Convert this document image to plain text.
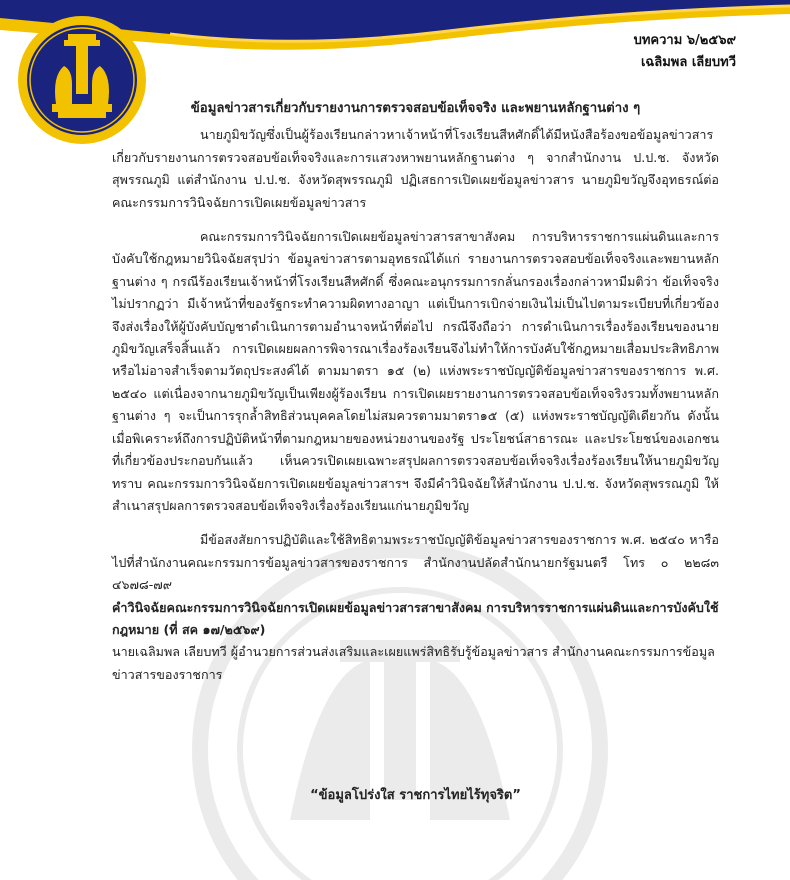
บทความ ๖/๒๕๖๙
เฉลิมพล เลียบทวี

ข้อมูลข่าวสารเกี่ยวกับรายงานการตรวจสอบข้อเท็จจริง และพยานหลักฐานต่าง ๆ

นายภูมิขวัญซึ่งเป็นผู้ร้องเรียนกล่าวหาเจ้าหน้าที่โรงเรียนสีหศักดิ์ได้มีหนังสือร้องขอข้อมูลข่าวสารเกี่ยวกับรายงานการตรวจสอบข้อเท็จจริงและการแสวงหาพยานหลักฐานต่าง ๆ จากสำนักงาน ป.ป.ช. จังหวัดสุพรรณภูมิ แต่สำนักงาน ป.ป.ช. จังหวัดสุพรรณภูมิ ปฏิเสธการเปิดเผยข้อมูลข่าวสาร นายภูมิขวัญจึงอุทธรณ์ต่อคณะกรรมการวินิจฉัยการเปิดเผยข้อมูลข่าวสาร

คณะกรรมการวินิจฉัยการเปิดเผยข้อมูลข่าวสารสาขาสังคม การบริหารราชการแผ่นดินและการบังคับใช้กฎหมายวินิจฉัยสรุปว่า ข้อมูลข่าวสารตามอุทธรณ์ได้แก่ รายงานการตรวจสอบข้อเท็จจริงและพยานหลักฐานต่าง ๆ กรณีร้องเรียนเจ้าหน้าที่โรงเรียนสีหศักดิ์ ซึ่งคณะอนุกรรมการกลั่นกรองเรื่องกล่าวหามีมติว่า ข้อเท็จจริงไม่ปรากฏว่า มีเจ้าหน้าที่ของรัฐกระทำความผิดทางอาญา แต่เป็นการเบิกจ่ายเงินไม่เป็นไปตามระเบียบที่เกี่ยวข้อง จึงส่งเรื่องให้ผู้บังคับบัญชาดำเนินการตามอำนาจหน้าที่ต่อไป กรณีจึงถือว่า การดำเนินการเรื่องร้องเรียนของนายภูมิขวัญเสร็จสิ้นแล้ว การเปิดเผยผลการพิจารณาเรื่องร้องเรียนจึงไม่ทำให้การบังคับใช้กฎหมายเสื่อมประสิทธิภาพหรือไม่อาจสำเร็จตามวัตถุประสงค์ได้ ตามมาตรา ๑๕ (๒) แห่งพระราชบัญญัติข้อมูลข่าวสารของราชการ พ.ศ. ๒๕๔๐ แต่เนื่องจากนายภูมิขวัญเป็นเพียงผู้ร้องเรียน การเปิดเผยรายงานการตรวจสอบข้อเท็จจริงรวมทั้งพยานหลักฐานต่าง ๆ จะเป็นการรุกล้ำสิทธิส่วนบุคคลโดยไม่สมควรตามมาตรา๑๕ (๕) แห่งพระราชบัญญัติเดียวกัน ดังนั้น เมื่อพิเคราะห์ถึงการปฏิบัติหน้าที่ตามกฎหมายของหน่วยงานของรัฐ ประโยชน์สาธารณะ และประโยชน์ของเอกชนที่เกี่ยวข้องประกอบกันแล้ว เห็นควรเปิดเผยเฉพาะสรุปผลการตรวจสอบข้อเท็จจริงเรื่องร้องเรียนให้นายภูมิขวัญทราบ คณะกรรมการวินิจฉัยการเปิดเผยข้อมูลข่าวสารฯ จึงมีคำวินิจฉัยให้สำนักงาน ป.ป.ช. จังหวัดสุพรรณภูมิ ให้สำเนาสรุปผลการตรวจสอบข้อเท็จจริงเรื่องร้องเรียนแก่นายภูมิขวัญ

มีข้อสงสัยการปฏิบัติและใช้สิทธิตามพระราชบัญญัติข้อมูลข่าวสารของราชการ พ.ศ. ๒๕๔๐ หารือไปที่สำนักงานคณะกรรมการข้อมูลข่าวสารของราชการ สำนักงานปลัดสำนักนายกรัฐมนตรี โทร ๐ ๒๒๘๓ ๔๖๗๘-๗๙

คำวินิจฉัยคณะกรรมการวินิจฉัยการเปิดเผยข้อมูลข่าวสารสาขาสังคม การบริหารราชการแผ่นดินและการบังคับใช้กฎหมาย (ที่ สค ๑๗/๒๕๖๙)

นายเฉลิมพล เลียบทวี ผู้อำนวยการส่วนส่งเสริมและเผยแพร่สิทธิรับรู้ข้อมูลข่าวสาร สำนักงานคณะกรรมการข้อมูลข่าวสารของราชการ

“ข้อมูลโปร่งใส ราชการไทยไร้ทุจริต”
